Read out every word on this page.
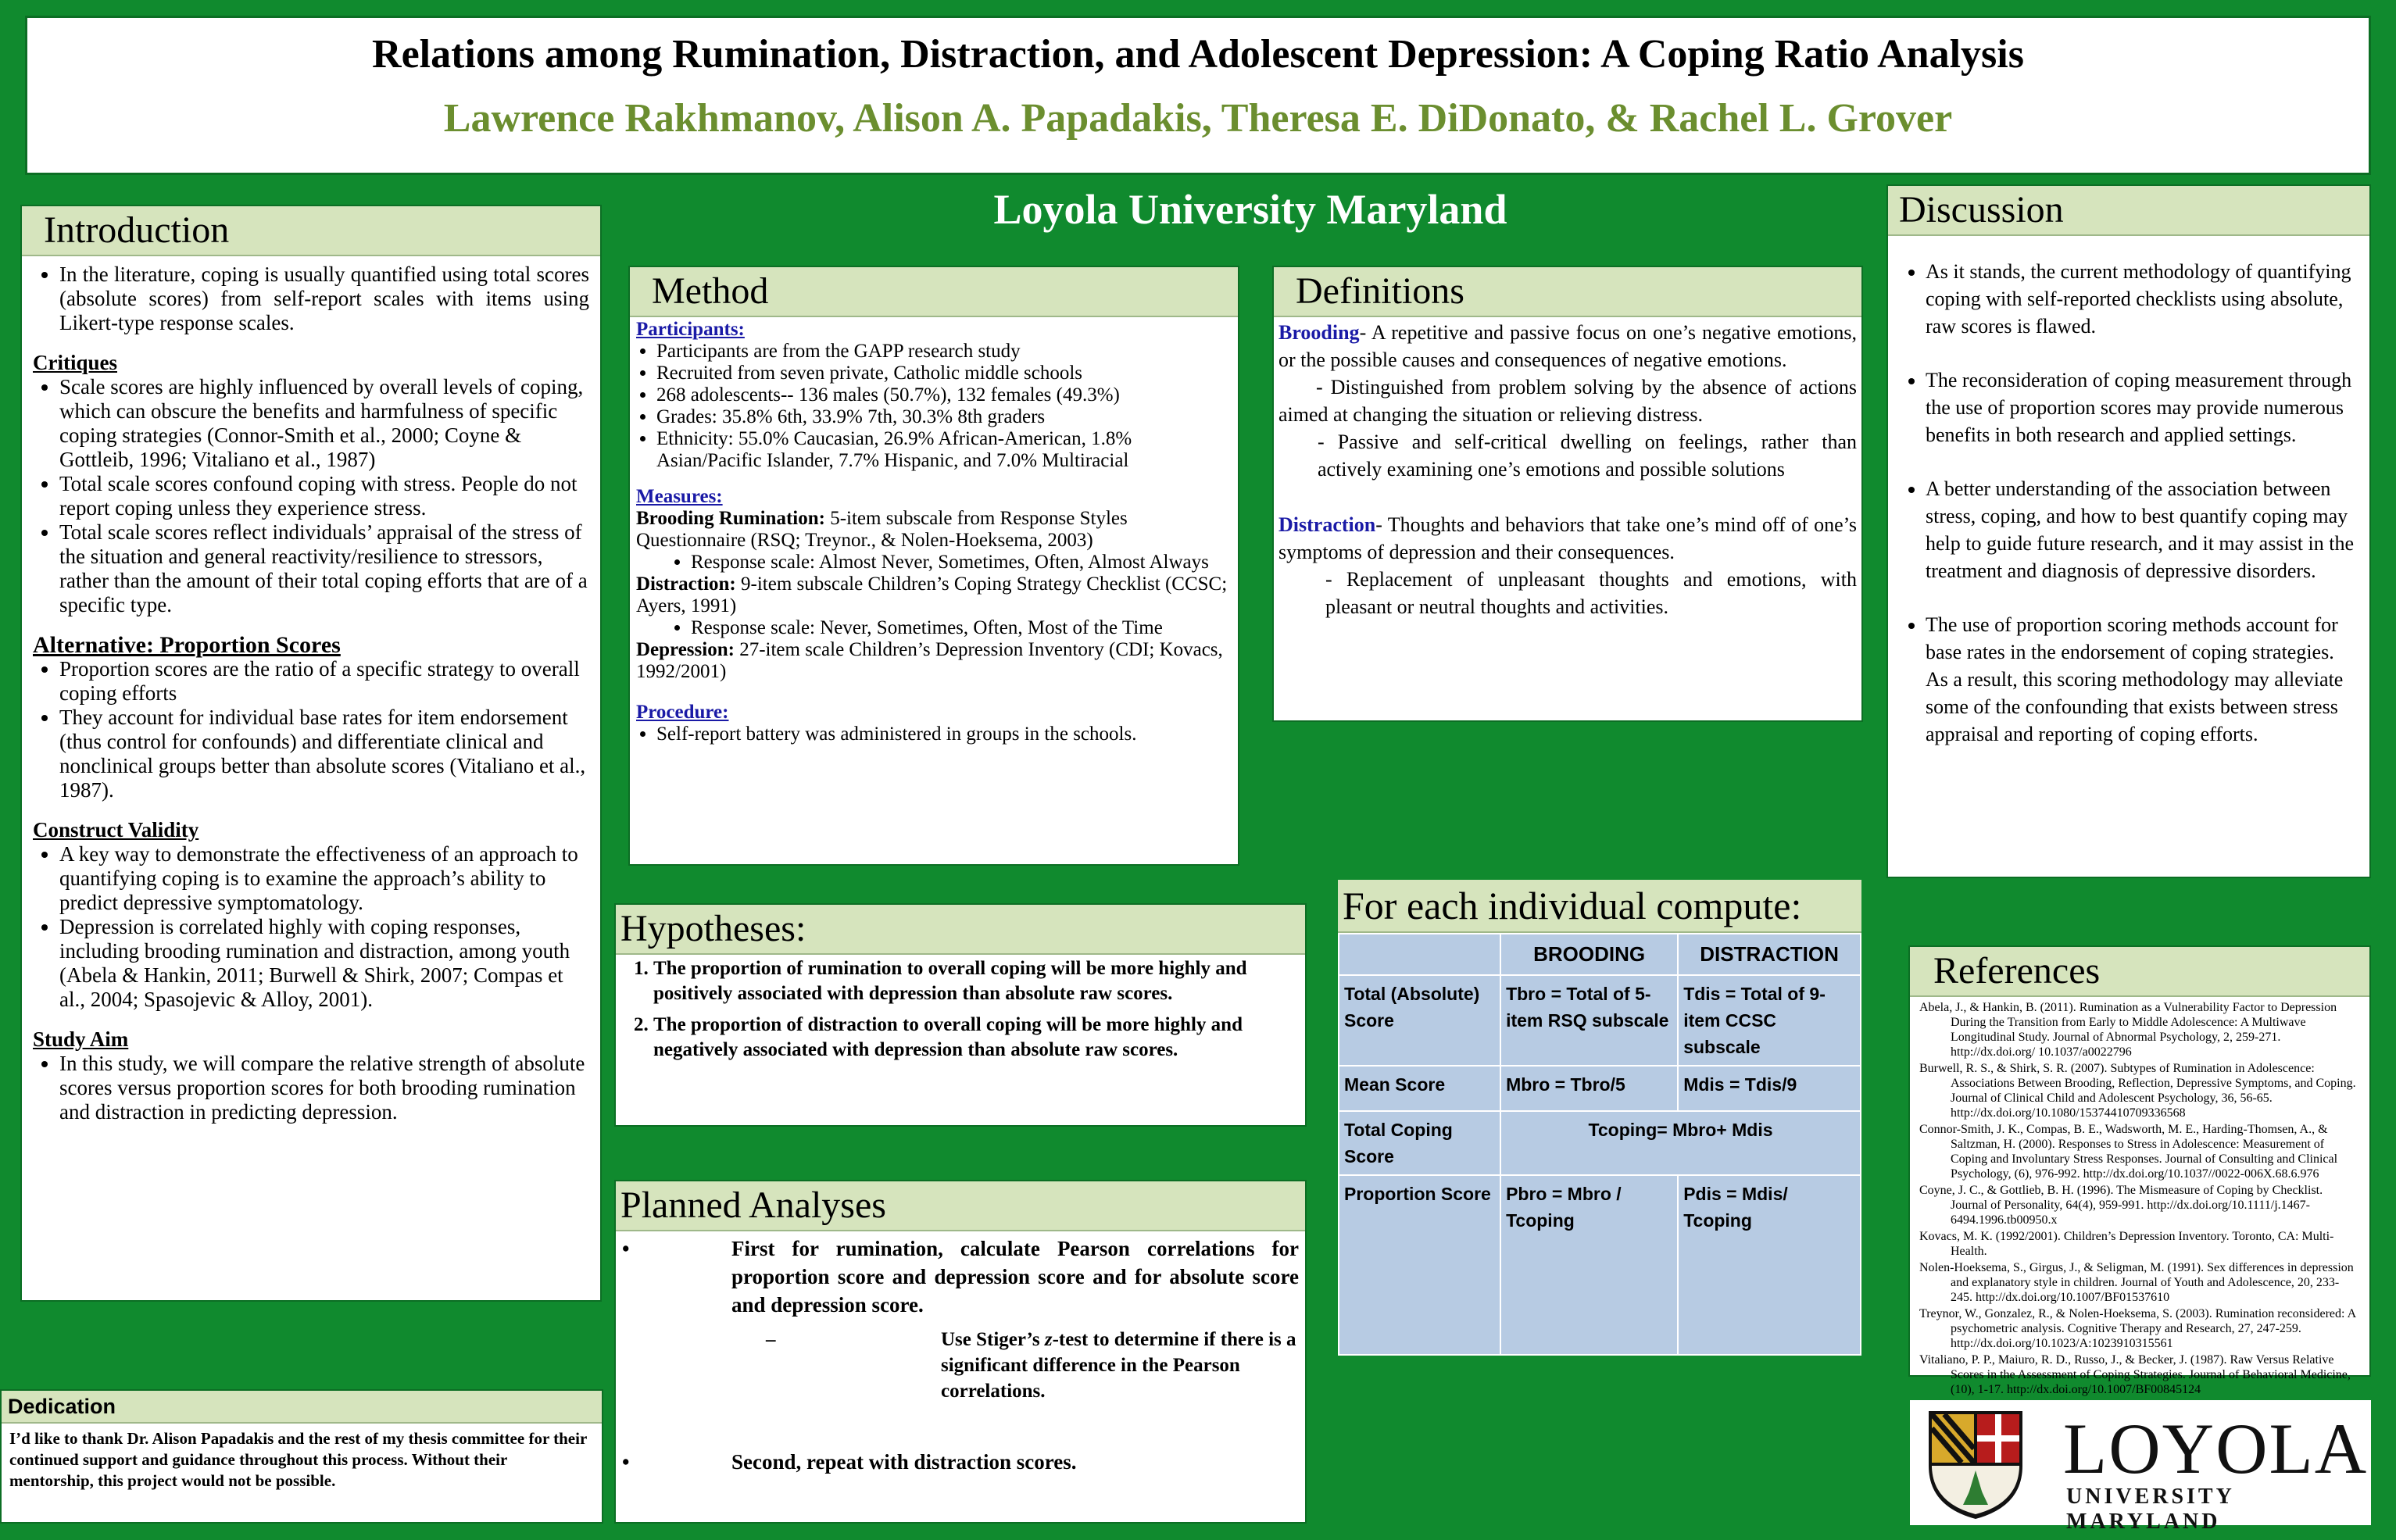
Relations among Rumination, Distraction, and Adolescent Depression: A Coping Ratio Analysis
Lawrence Rakhmanov, Alison A. Papadakis, Theresa E. DiDonato, & Rachel L. Grover
Loyola University Maryland
Introduction
• In the literature, coping is usually quantified using total scores (absolute scores) from self-report scales with items using Likert-type response scales.
Critiques
• Scale scores are highly influenced by overall levels of coping, which can obscure the benefits and harmfulness of specific coping strategies (Connor-Smith et al., 2000; Coyne & Gottleib, 1996; Vitaliano et al., 1987)
• Total scale scores confound coping with stress. People do not report coping unless they experience stress.
• Total scale scores reflect individuals’ appraisal of the stress of the situation and general reactivity/resilience to stressors, rather than the amount of their total coping efforts that are of a specific type.
Alternative: Proportion Scores
• Proportion scores are the ratio of a specific strategy to overall coping efforts
• They account for individual base rates for item endorsement (thus control for confounds) and differentiate clinical and nonclinical groups better than absolute scores (Vitaliano et al., 1987).
Construct Validity
• A key way to demonstrate the effectiveness of an approach to quantifying coping is to examine the approach’s ability to predict depressive symptomatology.
• Depression is correlated highly with coping responses, including brooding rumination and distraction, among youth (Abela & Hankin, 2011; Burwell & Shirk, 2007; Compas et al., 2004; Spasojevic & Alloy, 2001).
Study Aim
• In this study, we will compare the relative strength of absolute scores versus proportion scores for both brooding rumination and distraction in predicting depression.
Dedication
I’d like to thank Dr. Alison Papadakis and the rest of my thesis committee for their continued support and guidance throughout this process. Without their mentorship, this project would not be possible.
Method
Participants:
• Participants are from the GAPP research study
• Recruited from seven private, Catholic middle schools
• 268 adolescents-- 136 males (50.7%), 132 females (49.3%)
• Grades: 35.8% 6th, 33.9% 7th, 30.3% 8th graders
• Ethnicity: 55.0% Caucasian, 26.9% African-American, 1.8% Asian/Pacific Islander, 7.7% Hispanic, and 7.0% Multiracial
Measures:
Brooding Rumination: 5-item subscale from Response Styles Questionnaire (RSQ; Treynor., & Nolen-Hoeksema, 2003)
• Response scale: Almost Never, Sometimes, Often, Almost Always
Distraction: 9-item subscale Children’s Coping Strategy Checklist (CCSC; Ayers, 1991)
• Response scale: Never, Sometimes, Often, Most of the Time
Depression: 27-item scale Children’s Depression Inventory (CDI; Kovacs, 1992/2001)
Procedure:
• Self-report battery was administered in groups in the schools.
Definitions
Brooding- A repetitive and passive focus on one’s negative emotions, or the possible causes and consequences of negative emotions.
- Distinguished from problem solving by the absence of actions aimed at changing the situation or relieving distress.
- Passive and self-critical dwelling on feelings, rather than actively examining one’s emotions and possible solutions
Distraction- Thoughts and behaviors that take one’s mind off of one’s symptoms of depression and their consequences.
- Replacement of unpleasant thoughts and emotions, with pleasant or neutral thoughts and activities.
Hypotheses:
1. The proportion of rumination to overall coping will be more highly and positively associated with depression than absolute raw scores.
2. The proportion of distraction to overall coping will be more highly and negatively associated with depression than absolute raw scores.
Planned Analyses
•	First for rumination, calculate Pearson correlations for proportion score and depression score and for absolute score and depression score.
–	Use Stiger’s z-test to determine if there is a significant difference in the Pearson correlations.
•	Second, repeat with distraction scores.
For each individual compute:
	BROODING	DISTRACTION
Total (Absolute) Score	Tbro = Total of 5-item RSQ subscale	Tdis = Total of 9-item CCSC subscale
Mean Score	Mbro = Tbro/5	Mdis = Tdis/9
Total Coping Score	Tcoping= Mbro+ Mdis	
Proportion Score	Pbro = Mbro / Tcoping	Pdis = Mdis/ Tcoping
Discussion
• As it stands, the current methodology of quantifying coping with self-reported checklists using absolute, raw scores is flawed.
• The reconsideration of coping measurement through the use of proportion scores may provide numerous benefits in both research and applied settings.
• A better understanding of the association between stress, coping, and how to best quantify coping may help to guide future research, and it may assist in the treatment and diagnosis of depressive disorders.
• The use of proportion scoring methods account for base rates in the endorsement of coping strategies. As a result, this scoring methodology may alleviate some of the confounding that exists between stress appraisal and reporting of coping efforts.
References

Abela, J., & Hankin, B. (2011). Rumination as a Vulnerability Factor to Depression During the Transition from Early to Middle Adolescence: A Multiwave Longitudinal Study. Journal of Abnormal Psychology, 2, 259-271. http://dx.doi.org/ 10.1037/a0022796

Burwell, R. S., & Shirk, S. R. (2007). Subtypes of Rumination in Adolescence: Associations Between Brooding, Reflection, Depressive Symptoms, and Coping. Journal of Clinical Child and Adolescent Psychology, 36, 56-65. http://dx.doi.org/10.1080/15374410709336568

Connor-Smith, J. K., Compas, B. E., Wadsworth, M. E., Harding-Thomsen, A., & Saltzman, H. (2000). Responses to Stress in Adolescence: Measurement of Coping and Involuntary Stress Responses. Journal of Consulting and Clinical Psychology, (6), 976-992. http://dx.doi.org/10.1037//0022-006X.68.6.976

Coyne, J. C., & Gottlieb, B. H. (1996). The Mismeasure of Coping by Checklist. Journal of Personality, 64(4), 959-991. http://dx.doi.org/10.1111/j.1467-6494.1996.tb00950.x

Kovacs, M. K. (1992/2001). Children’s Depression Inventory. Toronto, CA: Multi-Health.

Nolen-Hoeksema, S., Girgus, J., & Seligman, M. (1991). Sex differences in depression and explanatory style in children. Journal of Youth and Adolescence, 20, 233-245. http://dx.doi.org/10.1007/BF01537610

Treynor, W., Gonzalez, R., & Nolen-Hoeksema, S. (2003). Rumination reconsidered: A psychometric analysis. Cognitive Therapy and Research, 27, 247-259. http://dx.doi.org/10.1023/A:1023910315561

Vitaliano, P. P., Maiuro, R. D., Russo, J., & Becker, J. (1987). Raw Versus Relative Scores in the Assessment of Coping Strategies. Journal of Behavioral Medicine, (10), 1-17. http://dx.doi.org/10.1007/BF00845124

LOYOLA
UNIVERSITY MARYLAND
